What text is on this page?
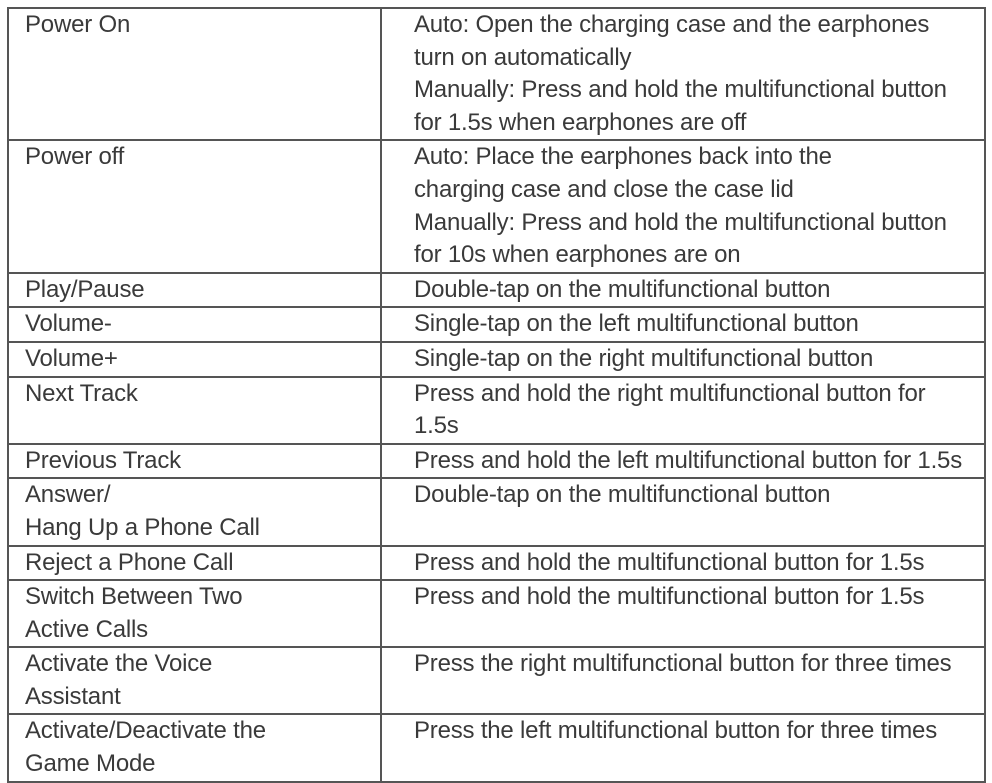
Power On	Auto: Open the charging case and the earphones
turn on automatically
Manually: Press and hold the multifunctional button
for 1.5s when earphones are off

Power off	Auto: Place the earphones back into the
charging case and close the case lid
Manually: Press and hold the multifunctional button
for 10s when earphones are on

Play/Pause	Double-tap on the multifunctional button

Volume-	Single-tap on the left multifunctional button

Volume+	Single-tap on the right multifunctional button

Next Track	Press and hold the right multifunctional button for
1.5s

Previous Track	Press and hold the left multifunctional button for 1.5s

Answer/
Hang Up a Phone Call	Double-tap on the multifunctional button

Reject a Phone Call	Press and hold the multifunctional button for 1.5s

Switch Between Two
Active Calls	Press and hold the multifunctional button for 1.5s

Activate the Voice
Assistant	Press the right multifunctional button for three times

Activate/Deactivate the
Game Mode	Press the left multifunctional button for three times
